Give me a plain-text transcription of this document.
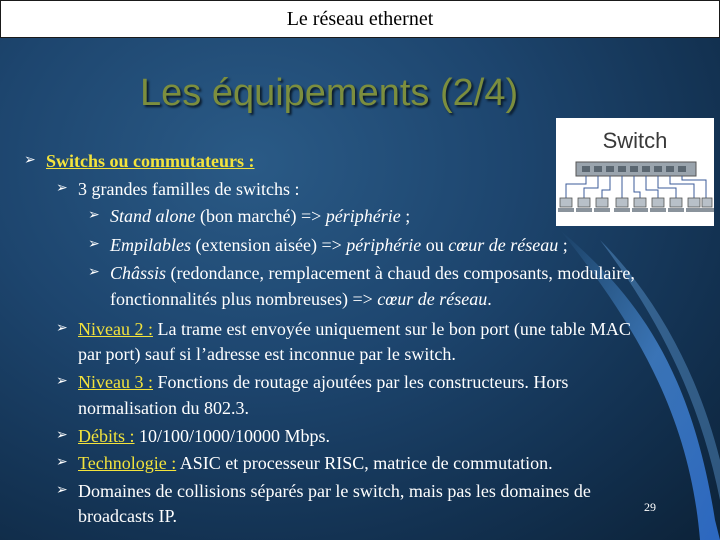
Le réseau ethernet
Les équipements (2/4)
Switch
➢ Switchs ou commutateurs :
➢ 3 grandes familles de switchs :
➢ Stand alone (bon marché) => périphérie ;
➢ Empilables (extension aisée) => périphérie ou cœur de réseau ;
➢ Châssis (redondance, remplacement à chaud des composants, modulaire,
fonctionnalités plus nombreuses) => cœur de réseau.
➢ Niveau 2 : La trame est envoyée uniquement sur le bon port (une table MAC
par port) sauf si l’adresse est inconnue par le switch.
➢ Niveau 3 : Fonctions de routage ajoutées par les constructeurs. Hors
normalisation du 802.3.
➢ Débits : 10/100/1000/10000 Mbps.
➢ Technologie : ASIC et processeur RISC, matrice de commutation.
➢ Domaines de collisions séparés par le switch, mais pas les domaines de
broadcasts IP.	29
